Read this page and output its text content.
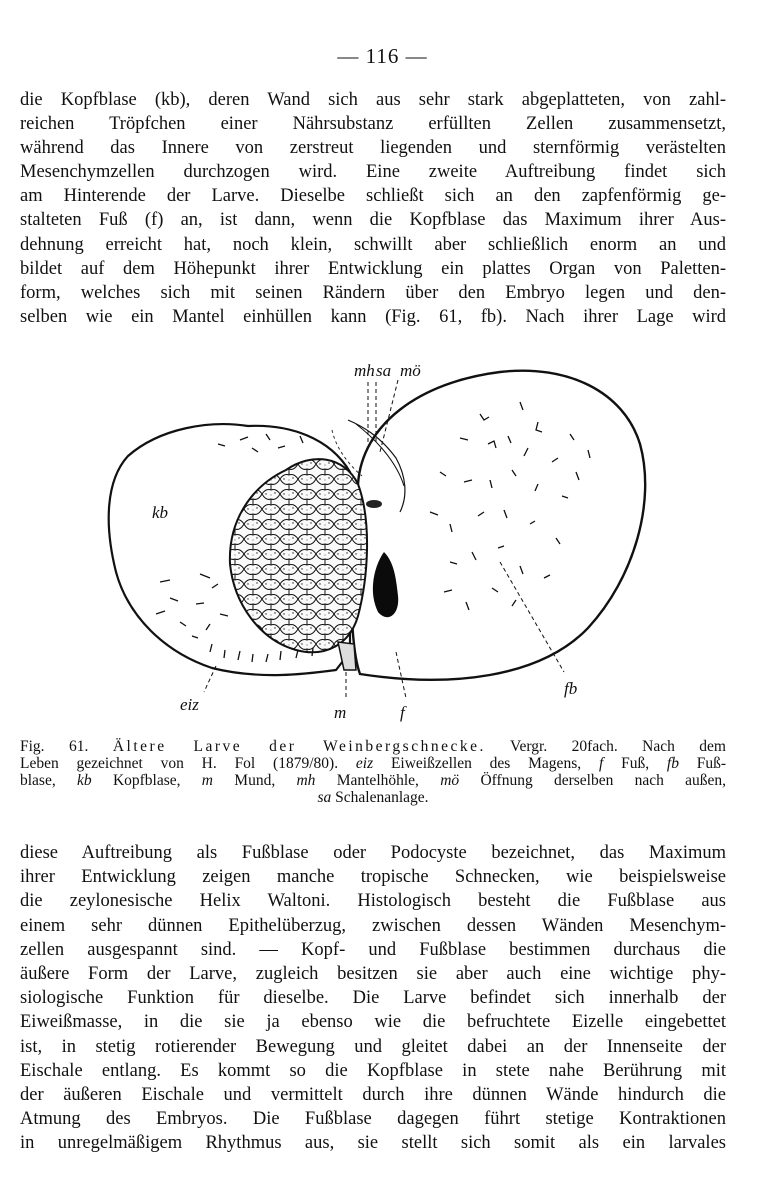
— 116 —
die Kopfblase (kb), deren Wand sich aus sehr stark abgeplatteten, von zahl-
reichen Tröpfchen einer Nährsubstanz erfüllten Zellen zusammensetzt,
während das Innere von zerstreut liegenden und sternförmig verästelten
Mesenchymzellen durchzogen wird. Eine zweite Auftreibung findet sich
am Hinterende der Larve. Dieselbe schließt sich an den zapfenförmig ge-
stalteten Fuß (f) an, ist dann, wenn die Kopfblase das Maximum ihrer Aus-
dehnung erreicht hat, noch klein, schwillt aber schließlich enorm an und
bildet auf dem Höhepunkt ihrer Entwicklung ein plattes Organ von Paletten-
form, welches sich mit seinen Rändern über den Embryo legen und den-
selben wie ein Mantel einhüllen kann (Fig. 61, fb). Nach ihrer Lage wird
mh sa mö
kb
eiz	m	f
fb
Fig. 61. Ältere Larve der Weinbergschnecke. Vergr. 20fach. Nach dem
Leben gezeichnet von H. Fol (1879/80). eiz Eiweißzellen des Magens, f Fuß, fb Fuß-
blase, kb Kopfblase, m Mund, mh Mantelhöhle, mö Öffnung derselben nach außen,
sa Schalenanlage.
diese Auftreibung als Fußblase oder Podocyste bezeichnet, das Maximum
ihrer Entwicklung zeigen manche tropische Schnecken, wie beispielsweise
die zeylonesische Helix Waltoni. Histologisch besteht die Fußblase aus
einem sehr dünnen Epithelüberzug, zwischen dessen Wänden Mesenchym-
zellen ausgespannt sind. — Kopf- und Fußblase bestimmen durchaus die
äußere Form der Larve, zugleich besitzen sie aber auch eine wichtige phy-
siologische Funktion für dieselbe. Die Larve befindet sich innerhalb der
Eiweißmasse, in die sie ja ebenso wie die befruchtete Eizelle eingebettet
ist, in stetig rotierender Bewegung und gleitet dabei an der Innenseite der
Eischale entlang. Es kommt so die Kopfblase in stete nahe Berührung mit
der äußeren Eischale und vermittelt durch ihre dünnen Wände hindurch die
Atmung des Embryos. Die Fußblase dagegen führt stetige Kontraktionen
in unregelmäßigem Rhythmus aus, sie stellt sich somit als ein larvales
